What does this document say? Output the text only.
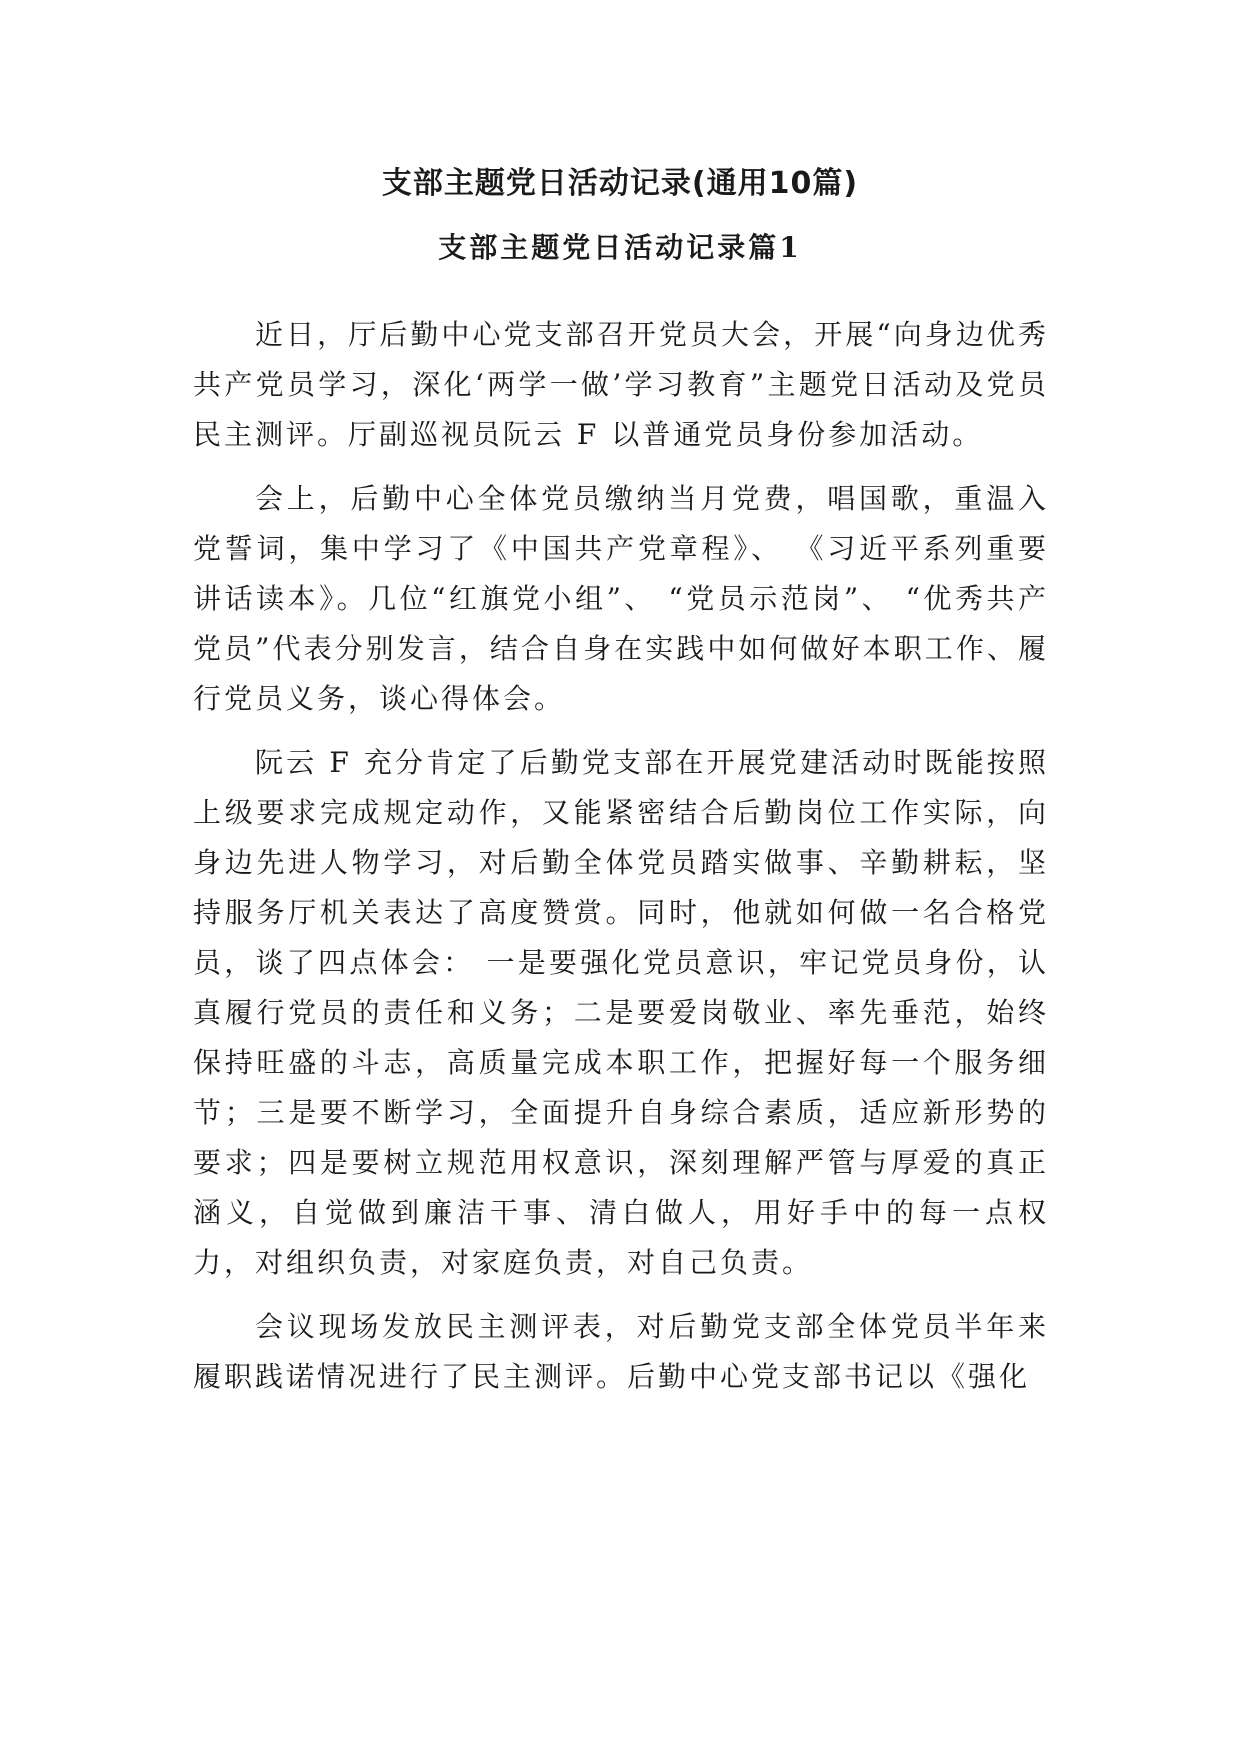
支部主题党日活动记录(通用10篇)
支部主题党日活动记录篇1

近日，厅后勤中心党支部召开党员大会，开展“向身边优秀共产党员学习，深化‘两学一做’学习教育”主题党日活动及党员民主测评。厅副巡视员阮云 F 以普通党员身份参加活动。

会上，后勤中心全体党员缴纳当月党费，唱国歌，重温入党誓词，集中学习了《中国共产党章程》、 《习近平系列重要讲话读本》。几位“红旗党小组”、 “党员示范岗”、 “优秀共产党员”代表分别发言，结合自身在实践中如何做好本职工作、履行党员义务，谈心得体会。

阮云 F 充分肯定了后勤党支部在开展党建活动时既能按照上级要求完成规定动作，又能紧密结合后勤岗位工作实际，向身边先进人物学习，对后勤全体党员踏实做事、辛勤耕耘，坚持服务厅机关表达了高度赞赏。同时，他就如何做一名合格党员，谈了四点体会： 一是要强化党员意识，牢记党员身份，认真履行党员的责任和义务；二是要爱岗敬业、率先垂范，始终保持旺盛的斗志，高质量完成本职工作，把握好每一个服务细节；三是要不断学习，全面提升自身综合素质，适应新形势的要求；四是要树立规范用权意识，深刻理解严管与厚爱的真正涵义，自觉做到廉洁干事、清白做人，用好手中的每一点权力，对组织负责，对家庭负责，对自己负责。

会议现场发放民主测评表，对后勤党支部全体党员半年来履职践诺情况进行了民主测评。后勤中心党支部书记以《强化
